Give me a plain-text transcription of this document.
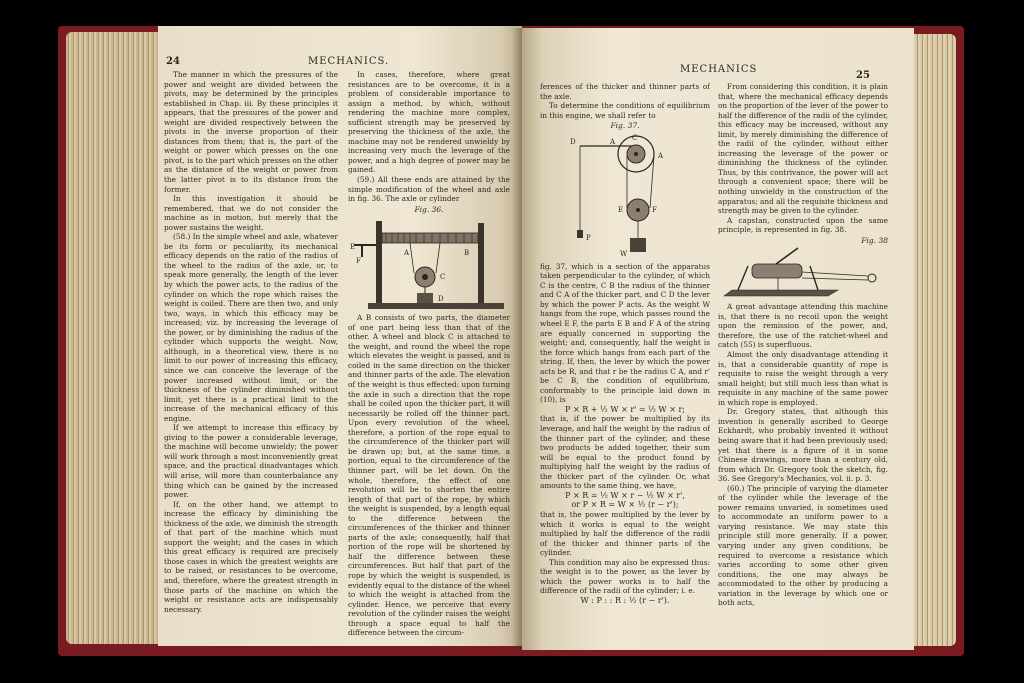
24	MECHANICS.

The manner in which the pressures of the power and weight are divided between the pivots, may be determined by the principles established in Chap. iii. By these principles it appears, that the pressures of the power and weight are divided respectively between the pivots in the inverse proportion of their distances from them; that is, the part of the weight or power which presses on the one pivot, is to the part which presses on the other as the distance of the weight or power from the latter pivot is to its distance from the former.

In this investigation it should be remembered, that we do not consider the machine as in motion, but merely that the power sustains the weight.

(58.) In the simple wheel and axle, whatever be its form or peculiarity, its mechanical efficacy depends on the ratio of the radius of the wheel to the radius of the axle, or, to speak more generally, the length of the lever by which the power acts, to the radius of the cylinder on which the rope which raises the weight is coiled. There are then two, and only two, ways, in which this efficacy may be increased; viz. by increasing the leverage of the power, or by diminishing the radius of the cylinder which supports the weight. Now, although, in a theoretical view, there is no limit to our power of increasing this efficacy, since we can conceive the leverage of the power increased without limit, or the thickness of the cylinder diminished without limit, yet there is a practical limit to the increase of the mechanical efficacy of this engine.

If we attempt to increase this efficacy by giving to the power a considerable leverage, the machine will become unwieldy; the power will work through a most inconveniently great space, and the practical disadvantages which will arise, will more than counterbalance any thing which can be gained by the increased power.

If, on the other hand, we attempt to increase the efficacy by diminishing the thickness of the axle, we diminish the strength of that part of the machine which must support the weight; and the cases in which this great efficacy is required are precisely those cases in which the greatest weights are to be raised, or resistances to be overcome, and, therefore, where the greatest strength in those parts of the machine on which the weight or resistance acts are indispensably necessary.

In cases, therefore, where great resistances are to be overcome, it is a problem of considerable importance to assign a method, by which, without rendering the machine more complex, sufficient strength may be preserved by preserving the thickness of the axle, the machine may not be rendered unwieldy by increasing very much the leverage of the power, and a high degree of power may be gained.

(59.) All these ends are attained by the simple modification of the wheel and axle in fig. 36. The axle or cylinder

Fig. 36.
E
F
A	B
C
D

A B consists of two parts, the diameter of one part being less than that of the other. A wheel and block C is attached to the weight, and round the wheel the rope which elevates the weight is passed, and is coiled in the same direction on the thicker and thinner parts of the axle. The elevation of the weight is thus effected: upon turning the axle in such a direction that the rope shall be coiled upon the thicker part, it will necessarily be rolled off the thinner part. Upon every revolution of the wheel, therefore, a portion of the rope equal to the circumference of the thicker part will be drawn up; but, at the same time, a portion, equal to the circumference of the thinner part, will be let down. On the whole, therefore, the effect of one revolution will be to shorten the entire length of that part of the rope, by which the weight is suspended, by a length equal to the difference between the circumferences of the thicker and thinner parts of the axle; consequently, half that portion of the rope will be shortened by half the difference between these circumferences. But half that part of the rope by which the weight is suspended, is evidently equal to the distance of the wheel to which the weight is attached from the cylinder. Hence, we perceive that every revolution of the cylinder raises the weight through a space equal to half the difference between the circum-

MECHANICS
25

ferences of the thicker and thinner parts of the axle.

To determine the conditions of equilibrium in this engine, we shall refer to

Fig. 37.
D	A C
A
E	F
P
W

fig. 37, which is a section of the apparatus taken perpendicular to the cylinder, of which C is the centre, C B the radius of the thinner and C A of the thicker part, and C D the lever by which the power P acts. As the weight W hangs from the rope, which passes round the wheel E F, the parts E B and F A of the string are equally concerned in supporting the weight; and, consequently, half the weight is the force which hangs from each part of the string. If, then, the lever by which the power acts be R, and that r be the radius C A, and r' be C B, the condition of equilibrium, conformably to the principle laid down in (10), is

P × R + ½ W × r' = ½ W × r;

that is, if the power be multiplied by its leverage, and half the weight by the radius of the thinner part of the cylinder, and these two products be added together, their sum will be equal to the product found by multiplying half the weight by the radius of the thicker part of the cylinder. Or, what amounts to the same thing, we have,

P × R = ½ W × r − ½ W × r',

or P × R = W × ½ (r − r');

that is, the power multiplied by the lever by which it works is equal to the weight multiplied by half the difference of the radii of the thicker and thinner parts of the cylinder.

This condition may also be expressed thus: the weight is to the power, as the lever by which the power works is to half the difference of the radii of the cylinder; i. e.

W : P : : R : ½ (r − r').

From considering this condition, it is plain that, where the mechanical efficacy depends on the proportion of the lever of the power to half the difference of the radii of the cylinder, this efficacy may be increased, without any limit, by merely diminishing the difference of the radii of the cylinder, without either increasing the leverage of the power or diminishing the thickness of the cylinder. Thus, by this contrivance, the power will act through a convenient space; there will be nothing unwieldy in the construction of the apparatus; and all the requisite thickness and strength may be given to the cylinder.

A capstan, constructed upon the same principle, is represented in fig. 38.

Fig. 38

A great advantage attending this machine is, that there is no recoil upon the weight upon the remission of the power, and, therefore, the use of the ratchet-wheel and catch (55) is superfluous.

Almost the only disadvantage attending it is, that a considerable quantity of rope is requisite to raise the weight through a very small height; but still much less than what is requisite in any machine of the same power in which rope is employed.

Dr. Gregory states, that although this invention is generally ascribed to George Eckhardt, who probably invented it without being aware that it had been previously used; yet that there is a figure of it in some Chinese drawings, more than a century old, from which Dr. Gregory took the sketch, fig. 36. See Gregory's Mechanics, vol. ii. p. 3.

(60.) The principle of varying the diameter of the cylinder while the leverage of the power remains unvaried, is sometimes used to accommodate an uniform power to a varying resistance. We may state this principle still more generally. If a power, varying under any given conditions, be required to overcome a resistance which varies according to some other given conditions, the one may always be accommodated to the other by producing a variation in the leverage by which one or both acts,
